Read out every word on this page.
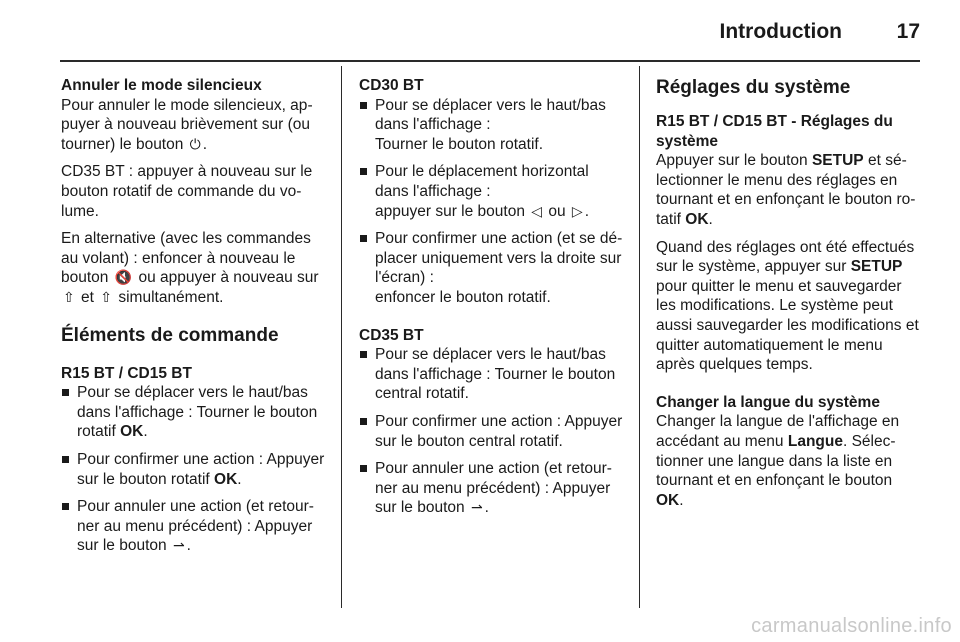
Introduction	17
Annuler le mode silencieux

Pour annuler le mode silencieux, appuyer à nouveau brièvement sur (ou tourner) le bouton ⏻ .

CD35 BT : appuyer à nouveau sur le bouton rotatif de commande du volume.

En alternative (avec les commandes au volant) : enfoncer à nouveau le bouton 🔇 ou appuyer à nouveau sur ⇧ et ⇧ simultanément.

Éléments de commande
R15 BT / CD15 BT
Pour se déplacer vers le haut/bas dans l'affichage : Tourner le bouton rotatif OK.
Pour confirmer une action : Appuyer sur le bouton rotatif OK.
Pour annuler une action (et retourner au menu précédent) : Appuyer sur le bouton ⇀ .
CD30 BT
Pour se déplacer vers le haut/bas dans l'affichage :
Tourner le bouton rotatif.
Pour le déplacement horizontal dans l'affichage :
appuyer sur le bouton ◁ ou ▷ .
Pour confirmer une action (et se déplacer uniquement vers la droite sur l'écran) :
enfoncer le bouton rotatif.
CD35 BT
Pour se déplacer vers le haut/bas dans l'affichage : Tourner le bouton central rotatif.
Pour confirmer une action : Appuyer sur le bouton central rotatif.
Pour annuler une action (et retourner au menu précédent) : Appuyer sur le bouton ⇀ .
Réglages du système
R15 BT / CD15 BT - Réglages du système

Appuyer sur le bouton SETUP et sélectionner le menu des réglages en tournant et en enfonçant le bouton rotatif OK.

Quand des réglages ont été effectués sur le système, appuyer sur SETUP pour quitter le menu et sauvegarder les modifications. Le système peut aussi sauvegarder les modifications et quitter automatiquement le menu après quelques temps.

Changer la langue du système

Changer la langue de l'affichage en accédant au menu Langue. Sélectionner une langue dans la liste en tournant et en enfonçant le bouton OK.

carmanualsonline.info
